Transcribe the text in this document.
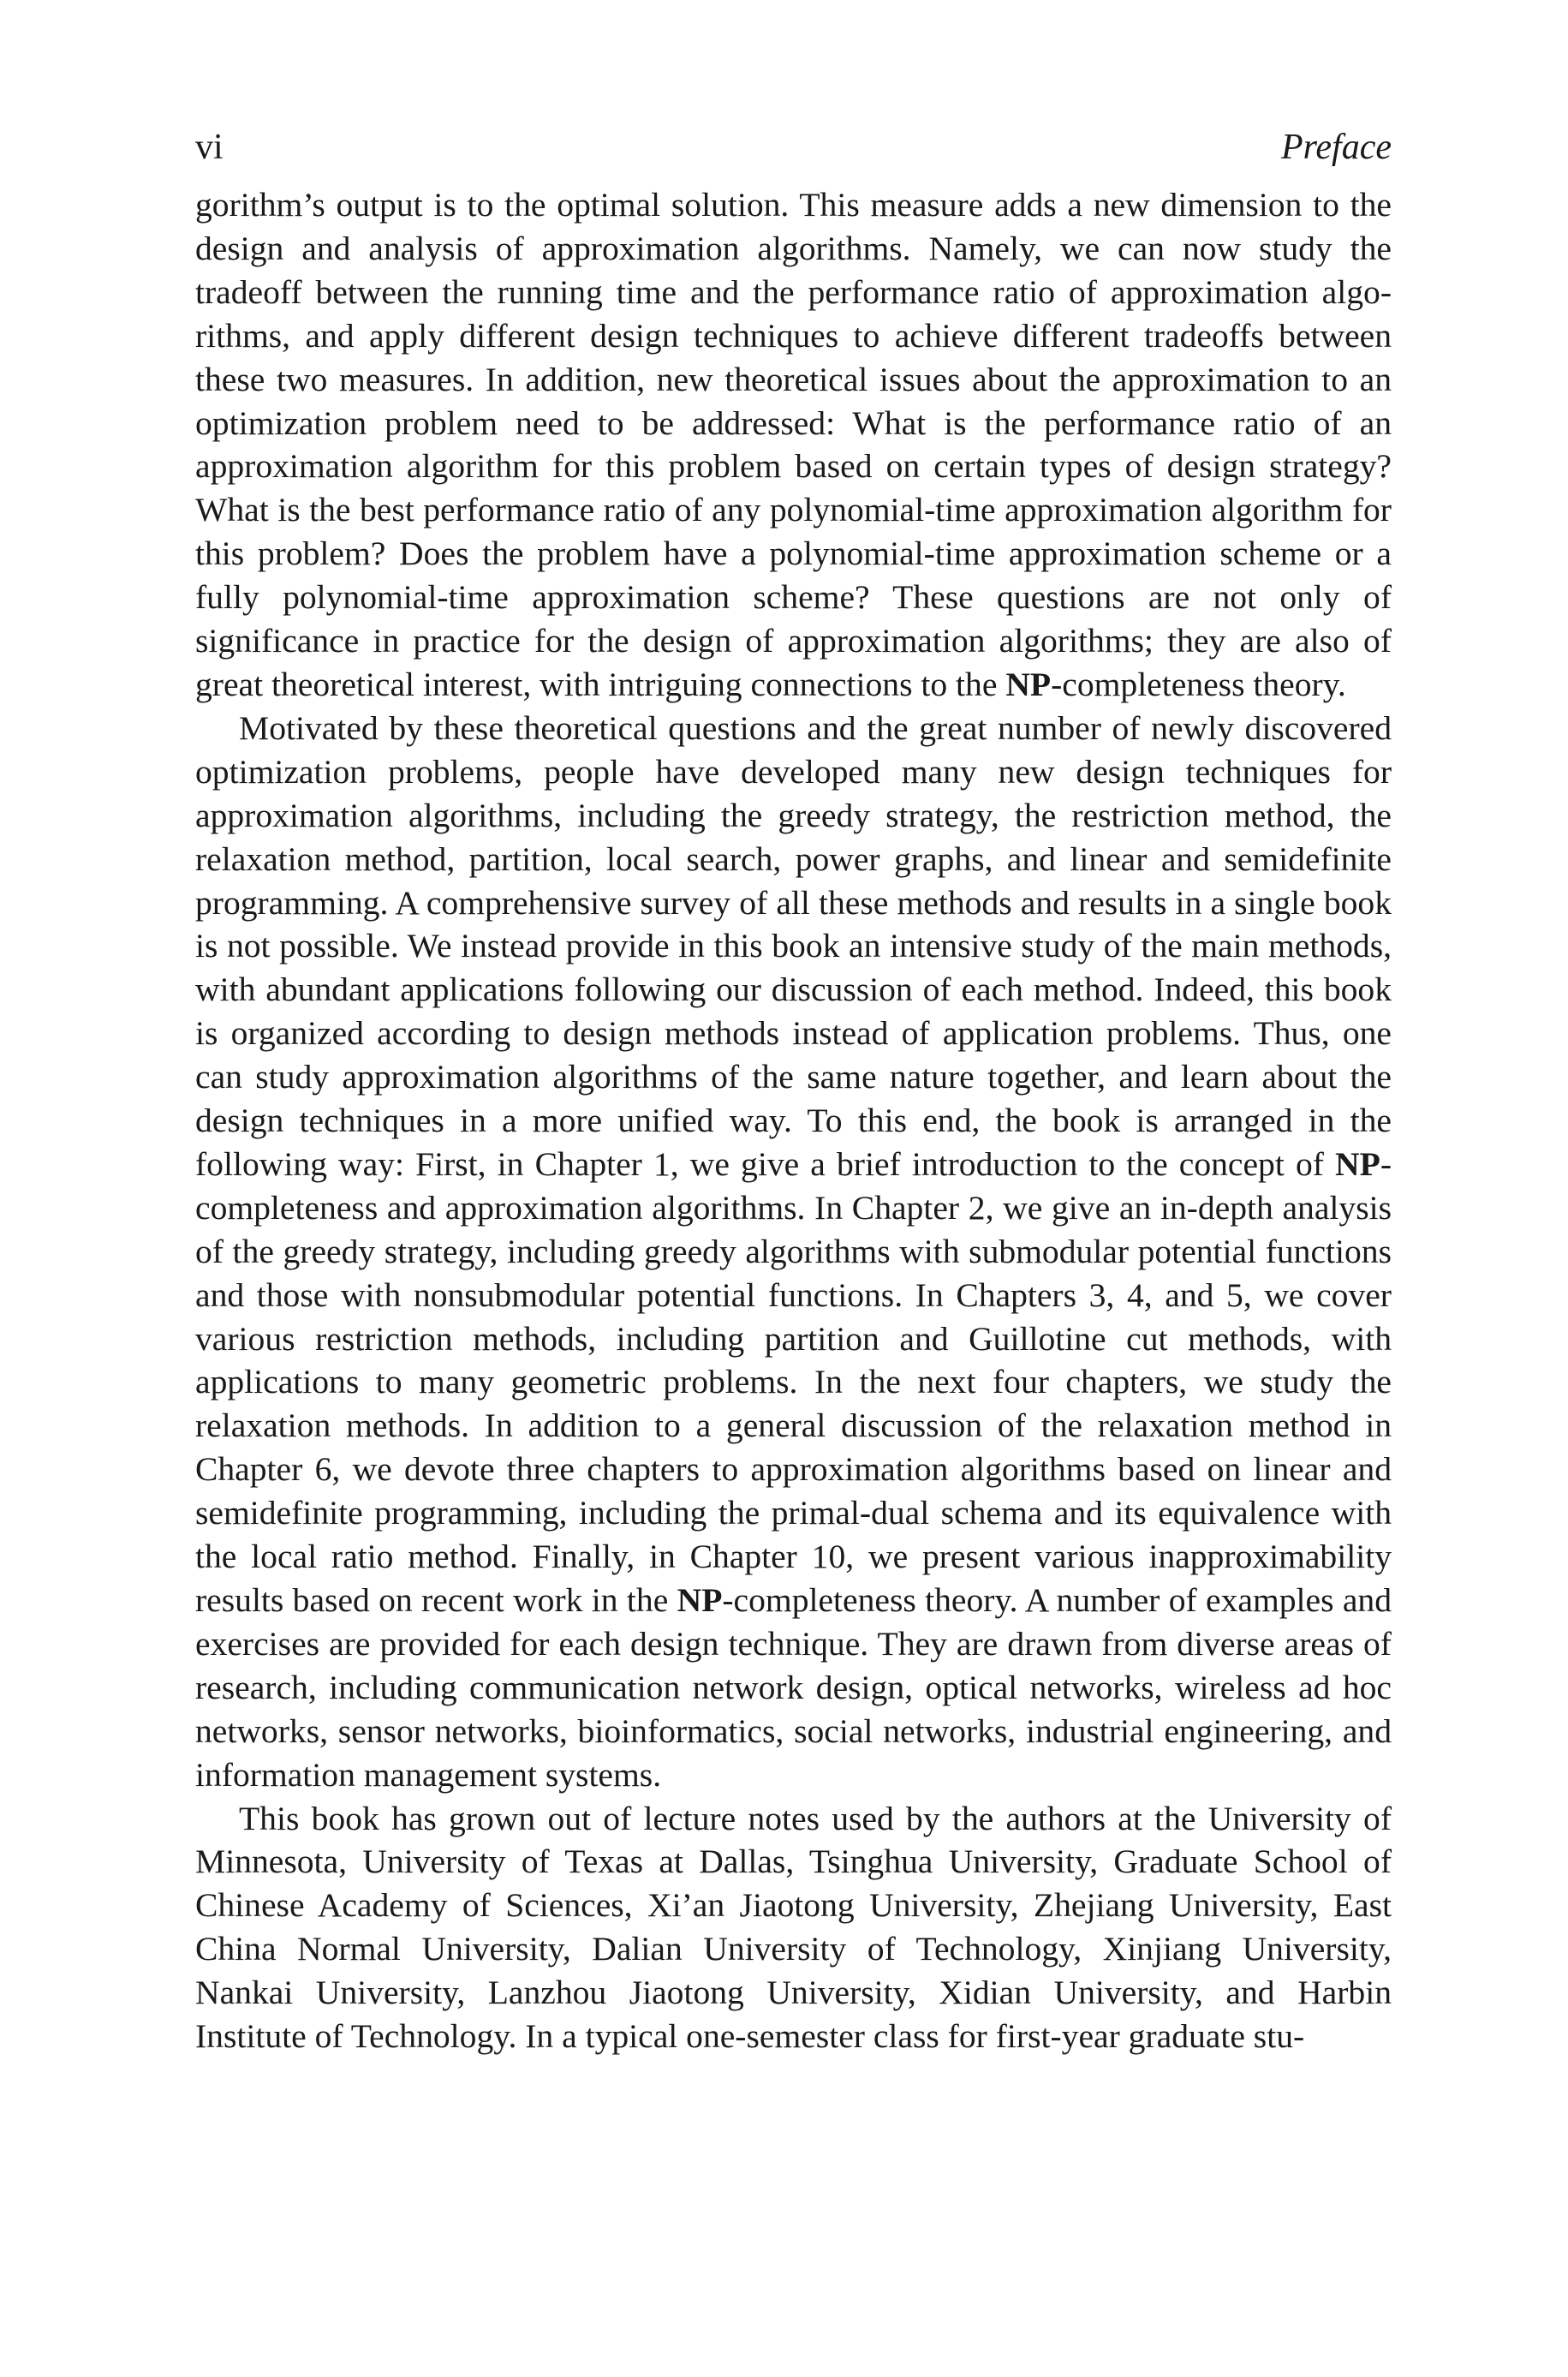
vi	Preface

gorithm’s output is to the optimal solution. This measure adds a new dimension to the design and analysis of approximation algorithms. Namely, we can now study the tradeoff between the running time and the performance ratio of approximation algorithms, and apply different design techniques to achieve different tradeoffs between these two measures. In addition, new theoretical issues about the approximation to an optimization problem need to be addressed: What is the performance ratio of an approximation algorithm for this problem based on certain types of design strategy? What is the best performance ratio of any polynomial-time approximation algorithm for this problem? Does the problem have a polynomial-time approximation scheme or a fully polynomial-time approximation scheme? These questions are not only of significance in practice for the design of approximation algorithms; they are also of great theoretical interest, with intriguing connections to the NP-completeness theory.

Motivated by these theoretical questions and the great number of newly discovered optimization problems, people have developed many new design techniques for approximation algorithms, including the greedy strategy, the restriction method, the relaxation method, partition, local search, power graphs, and linear and semidefinite programming. A comprehensive survey of all these methods and results in a single book is not possible. We instead provide in this book an intensive study of the main methods, with abundant applications following our discussion of each method. Indeed, this book is organized according to design methods instead of application problems. Thus, one can study approximation algorithms of the same nature together, and learn about the design techniques in a more unified way. To this end, the book is arranged in the following way: First, in Chapter 1, we give a brief introduction to the concept of NP-completeness and approximation algorithms. In Chapter 2, we give an in-depth analysis of the greedy strategy, including greedy algorithms with submodular potential functions and those with nonsubmodular potential functions. In Chapters 3, 4, and 5, we cover various restriction methods, including partition and Guillotine cut methods, with applications to many geometric problems. In the next four chapters, we study the relaxation methods. In addition to a general discussion of the relaxation method in Chapter 6, we devote three chapters to approximation algorithms based on linear and semidefinite programming, including the primal-dual schema and its equivalence with the local ratio method. Finally, in Chapter 10, we present various inapproximability results based on recent work in the NP-completeness theory. A number of examples and exercises are provided for each design technique. They are drawn from diverse areas of research, including communication network design, optical networks, wireless ad hoc networks, sensor networks, bioinformatics, social networks, industrial engineering, and information management systems.

This book has grown out of lecture notes used by the authors at the University of Minnesota, University of Texas at Dallas, Tsinghua University, Graduate School of Chinese Academy of Sciences, Xi’an Jiaotong University, Zhejiang University, East China Normal University, Dalian University of Technology, Xinjiang University, Nankai University, Lanzhou Jiaotong University, Xidian University, and Harbin Institute of Technology. In a typical one-semester class for first-year graduate stu-
